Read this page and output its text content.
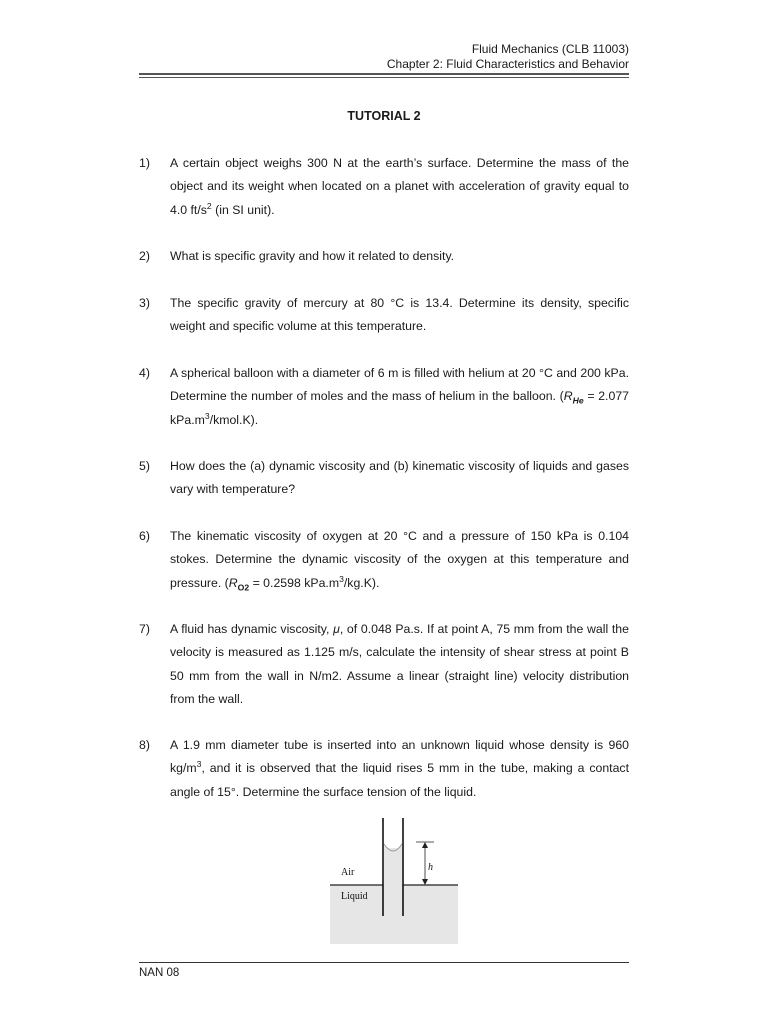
Fluid Mechanics (CLB 11003)
Chapter 2: Fluid Characteristics and Behavior
TUTORIAL 2
1) A certain object weighs 300 N at the earth’s surface. Determine the mass of the object and its weight when located on a planet with acceleration of gravity equal to 4.0 $ft/s^2$ (in SI unit).
2) What is specific gravity and how it related to density.
3) The specific gravity of mercury at 80 °C is 13.4. Determine its density, specific weight and specific volume at this temperature.
4) A spherical balloon with a diameter of 6 m is filled with helium at 20 °C and 200 kPa. Determine the number of moles and the mass of helium in the balloon. ($R_{He} = 2.077$ $kPa.m^3/kmol.K$).
5) How does the (a) dynamic viscosity and (b) kinematic viscosity of liquids and gases vary with temperature?
6) The kinematic viscosity of oxygen at 20 °C and a pressure of 150 kPa is 0.104 stokes. Determine the dynamic viscosity of the oxygen at this temperature and pressure. ($R_{O2} = 0.2598$ $kPa.m^3/kg.K$).
7) A fluid has dynamic viscosity, μ, of 0.048 Pa.s. If at point A, 75 mm from the wall the velocity is measured as 1.125 m/s, calculate the intensity of shear stress at point B 50 mm from the wall in N/m2. Assume a linear (straight line) velocity distribution from the wall.
8) A 1.9 mm diameter tube is inserted into an unknown liquid whose density is 960 $kg/m^3$, and it is observed that the liquid rises 5 mm in the tube, making a contact angle of 15°. Determine the surface tension of the liquid.
h
Air
Liquid
NAN 08
